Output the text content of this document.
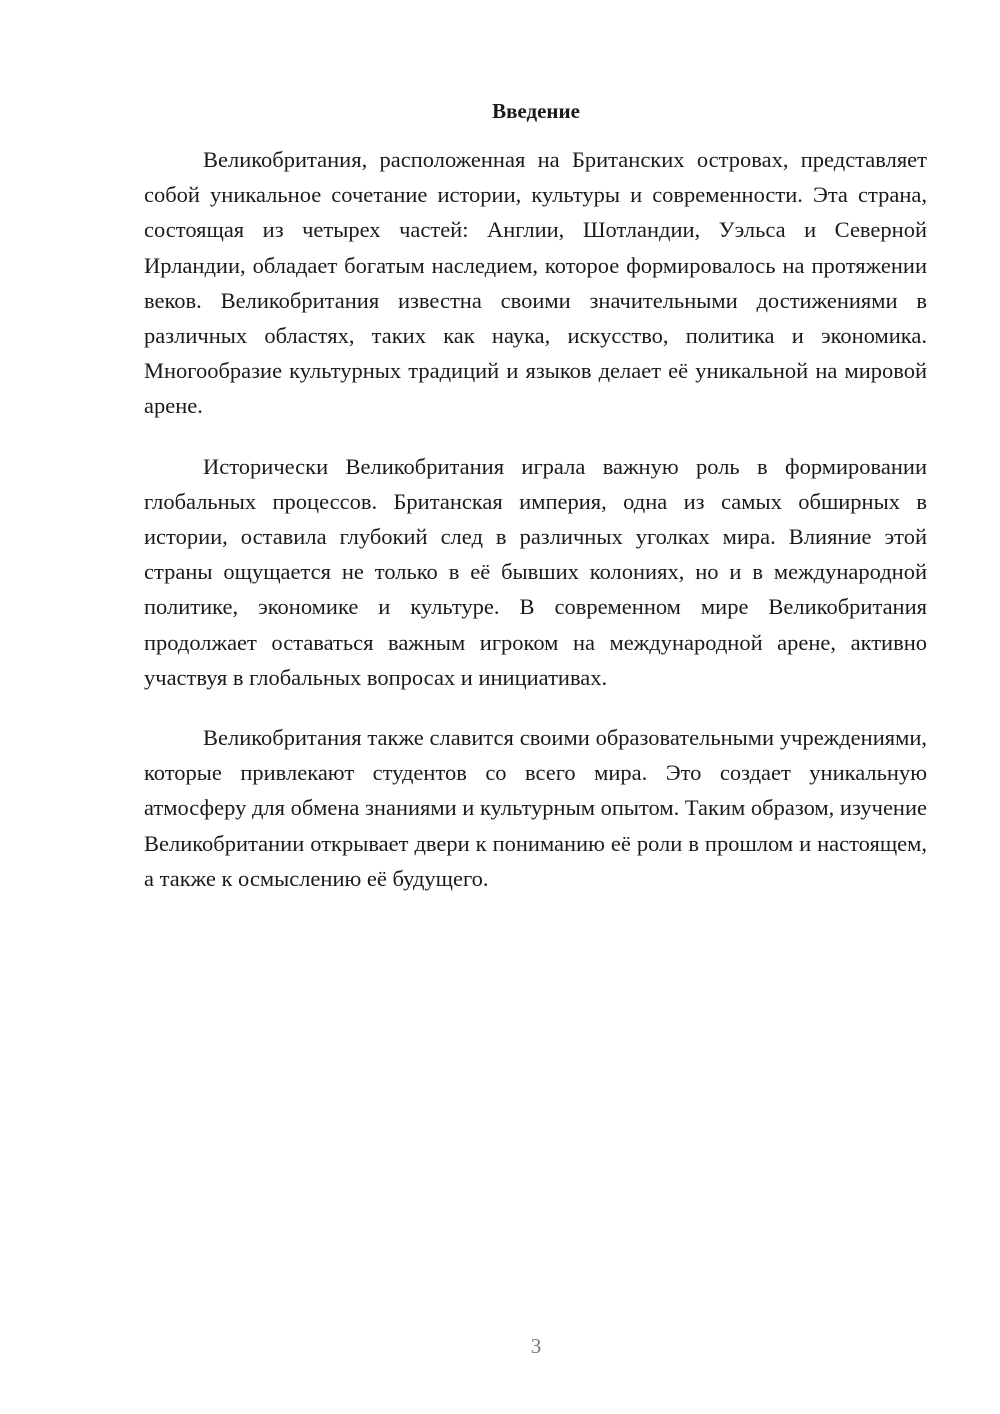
Введение

Великобритания, расположенная на Британских островах, представляет собой уникальное сочетание истории, культуры и современности. Эта страна, состоящая из четырех частей: Англии, Шотландии, Уэльса и Северной Ирландии, обладает богатым наследием, которое формировалось на протяжении веков. Великобритания известна своими значительными достижениями в различных областях, таких как наука, искусство, политика и экономика. Многообразие культурных традиций и языков делает её уникальной на мировой арене.

Исторически Великобритания играла важную роль в формировании глобальных процессов. Британская империя, одна из самых обширных в истории, оставила глубокий след в различных уголках мира. Влияние этой страны ощущается не только в её бывших колониях, но и в международной политике, экономике и культуре. В современном мире Великобритания продолжает оставаться важным игроком на международной арене, активно участвуя в глобальных вопросах и инициативах.

Великобритания также славится своими образовательными учреждениями, которые привлекают студентов со всего мира. Это создает уникальную атмосферу для обмена знаниями и культурным опытом. Таким образом, изучение Великобритании открывает двери к пониманию её роли в прошлом и настоящем, а также к осмыслению её будущего.

3
